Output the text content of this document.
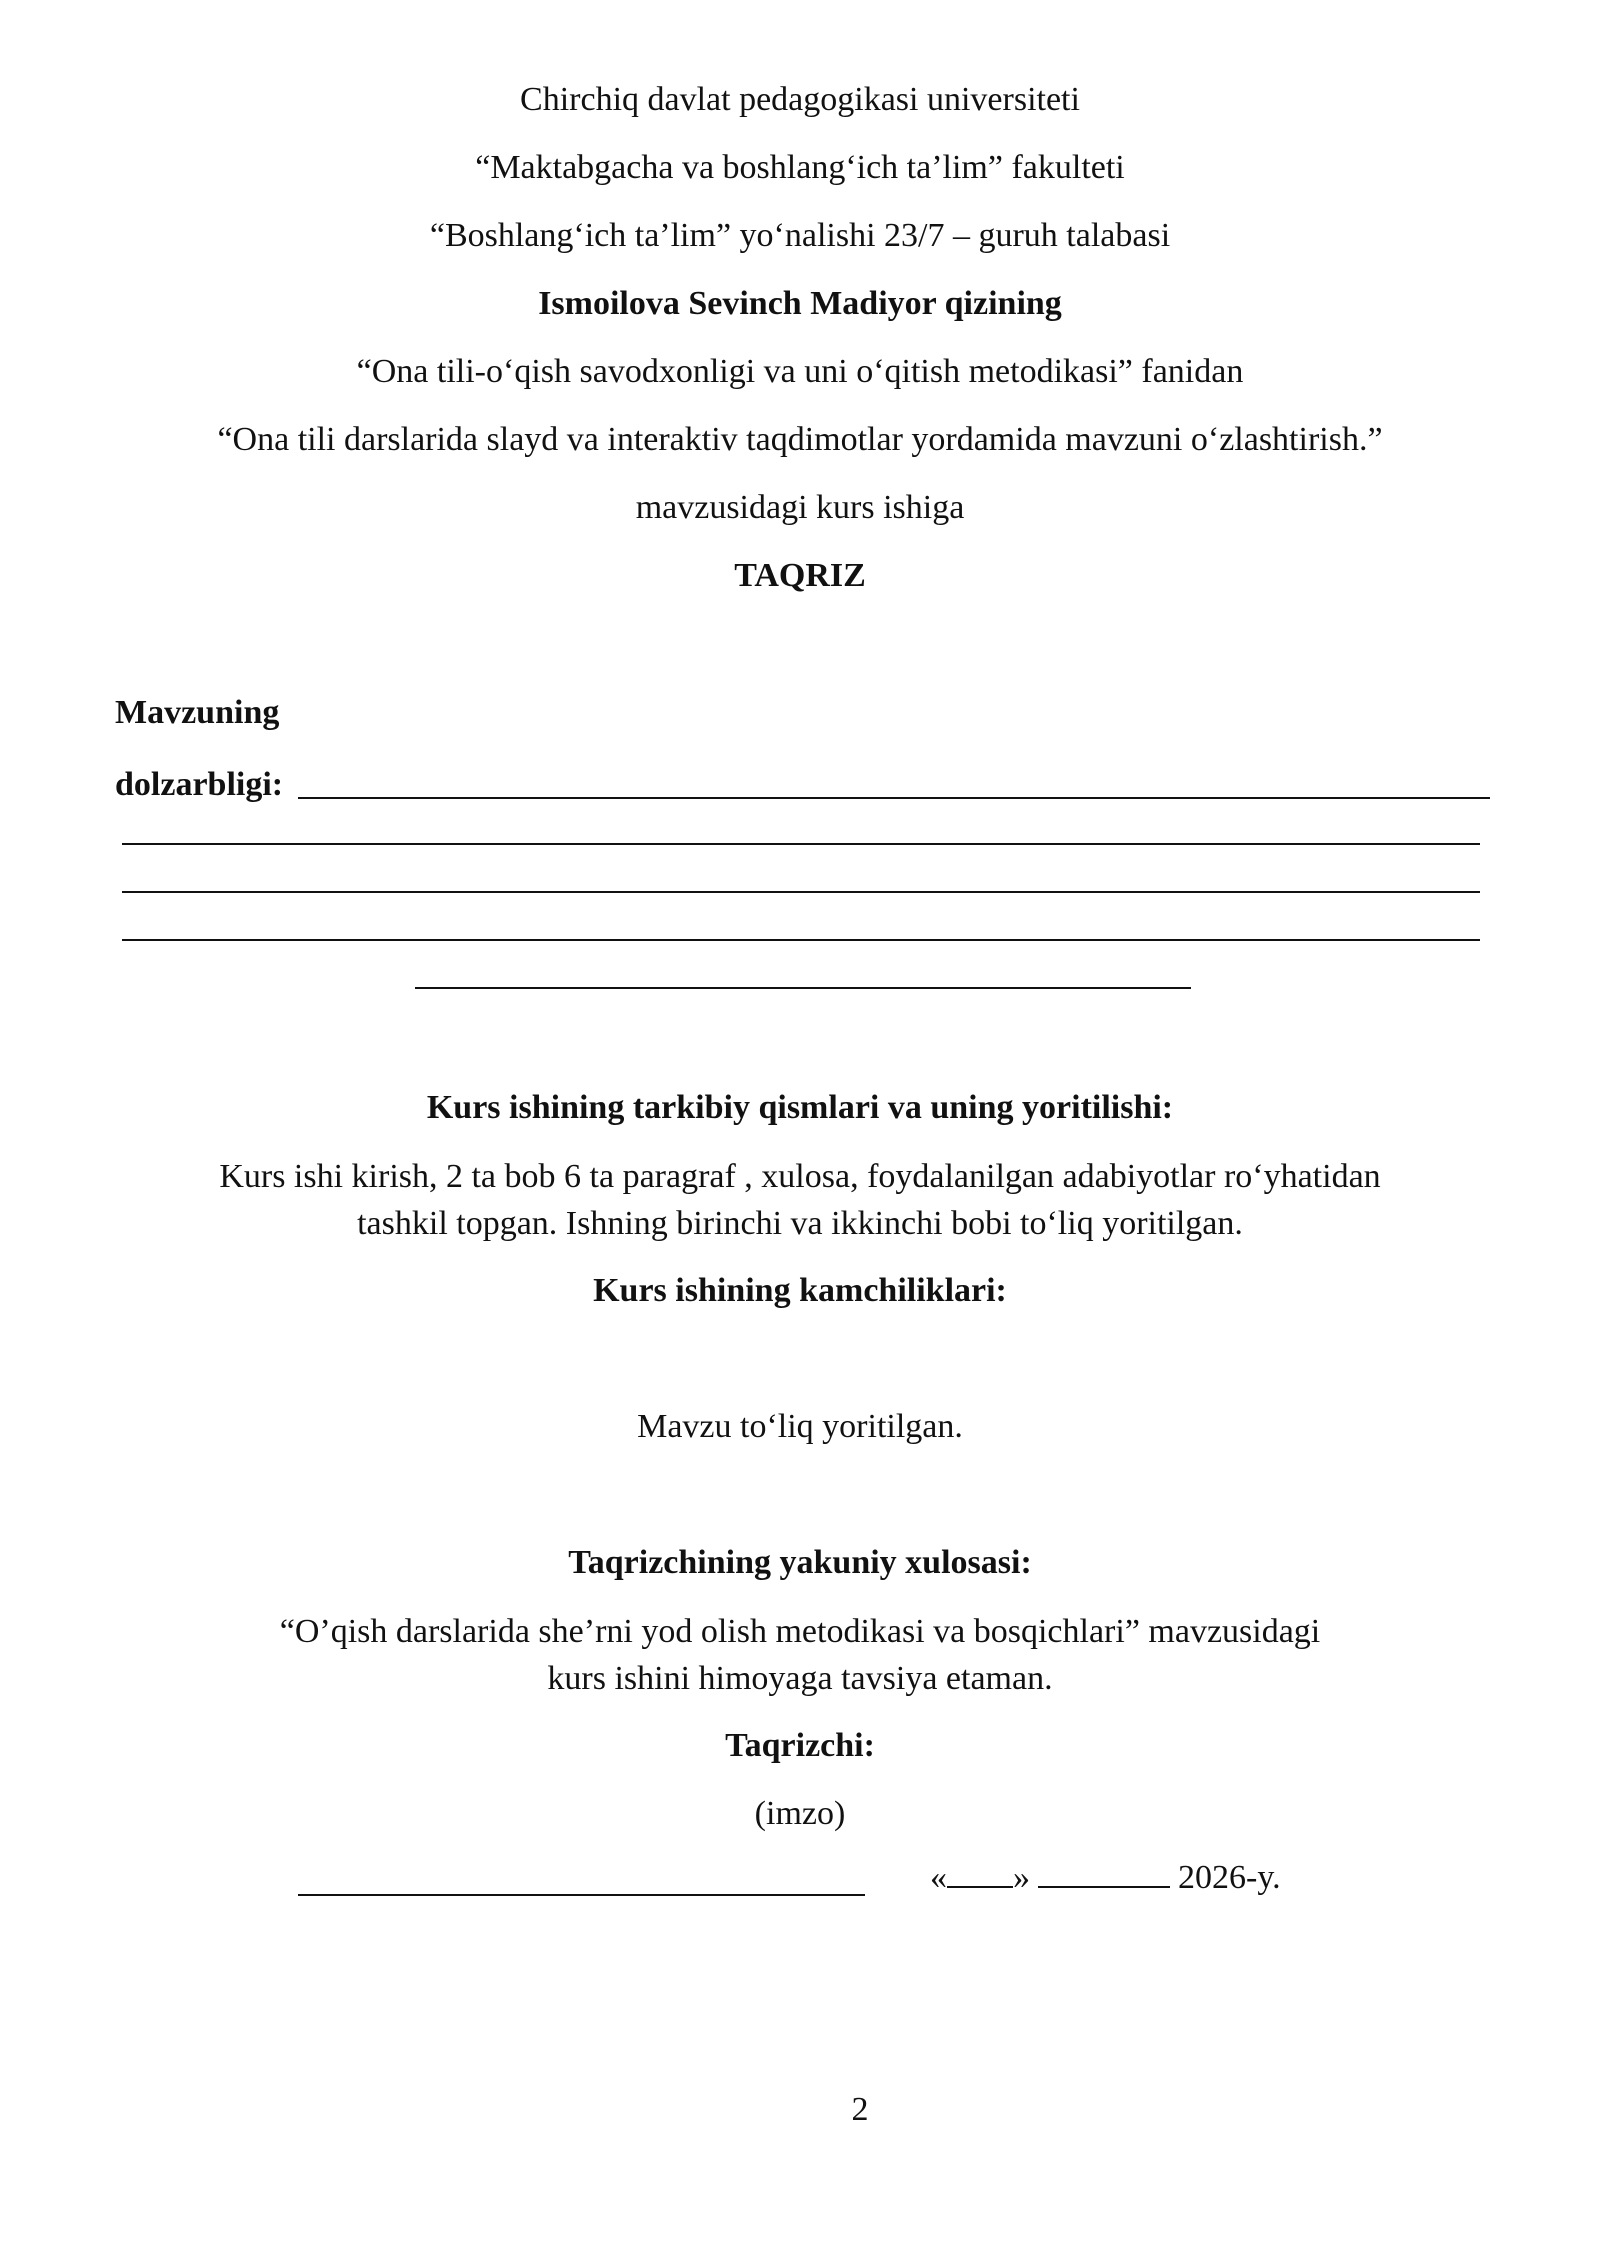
Chirchiq davlat pedagogikasi universiteti
“Maktabgacha va boshlang‘ich ta’lim” fakulteti
“Boshlang‘ich ta’lim” yo‘nalishi 23/7 – guruh talabasi
Ismoilova Sevinch Madiyor qizining
“Ona tili-o‘qish savodxonligi va uni o‘qitish metodikasi” fanidan
“Ona tili darslarida slayd va interaktiv taqdimotlar yordamida mavzuni o‘zlashtirish.”
mavzusidagi kurs ishiga
TAQRIZ
Mavzuning
dolzarbligi:
Kurs ishining tarkibiy qismlari va uning yoritilishi:
Kurs ishi kirish, 2 ta bob 6 ta paragraf , xulosa, foydalanilgan adabiyotlar ro‘yhatidan
tashkil topgan. Ishning birinchi va ikkinchi bobi to‘liq yoritilgan.
Kurs ishining kamchiliklari:
Mavzu to‘liq yoritilgan.
Taqrizchining yakuniy xulosasi:
“O’qish darslarida she’rni yod olish metodikasi va bosqichlari” mavzusidagi
kurs ishini himoyaga tavsiya etaman.
Taqrizchi:
(imzo)
« »	2026-y.
2
